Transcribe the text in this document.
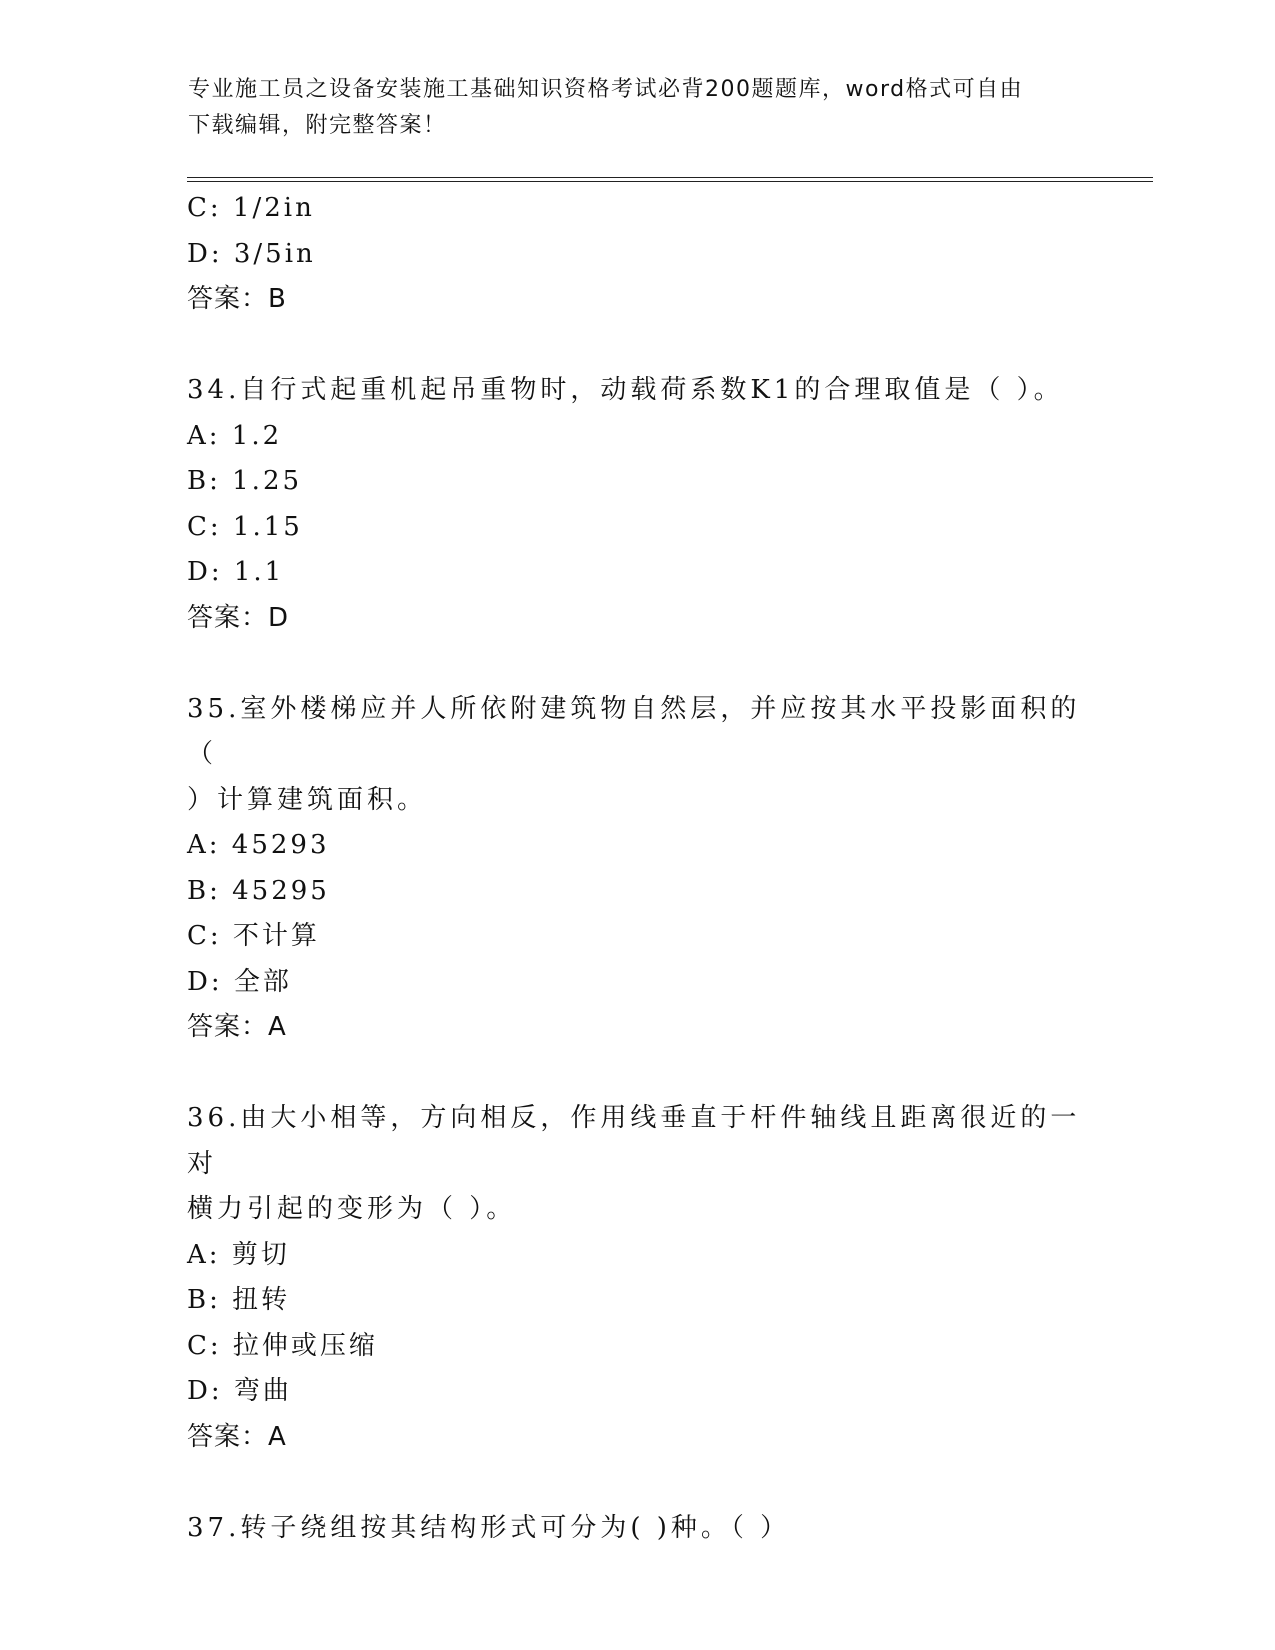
专业施工员之设备安装施工基础知识资格考试必背200题题库，word格式可自由
下载编辑，附完整答案！
C: 1/2in
D: 3/5in
答案：B
34.自行式起重机起吊重物时，动载荷系数K1的合理取值是（ ）。
A: 1.2
B: 1.25
C: 1.15
D: 1.1
答案：D
35.室外楼梯应并人所依附建筑物自然层，并应按其水平投影面积的（
）计算建筑面积。
A: 45293
B: 45295
C: 不计算
D: 全部
答案：A
36.由大小相等，方向相反，作用线垂直于杆件轴线且距离很近的一对
横力引起的变形为（ ）。
A: 剪切
B: 扭转
C: 拉伸或压缩
D: 弯曲
答案：A
37.转子绕组按其结构形式可分为( )种。（ ）
